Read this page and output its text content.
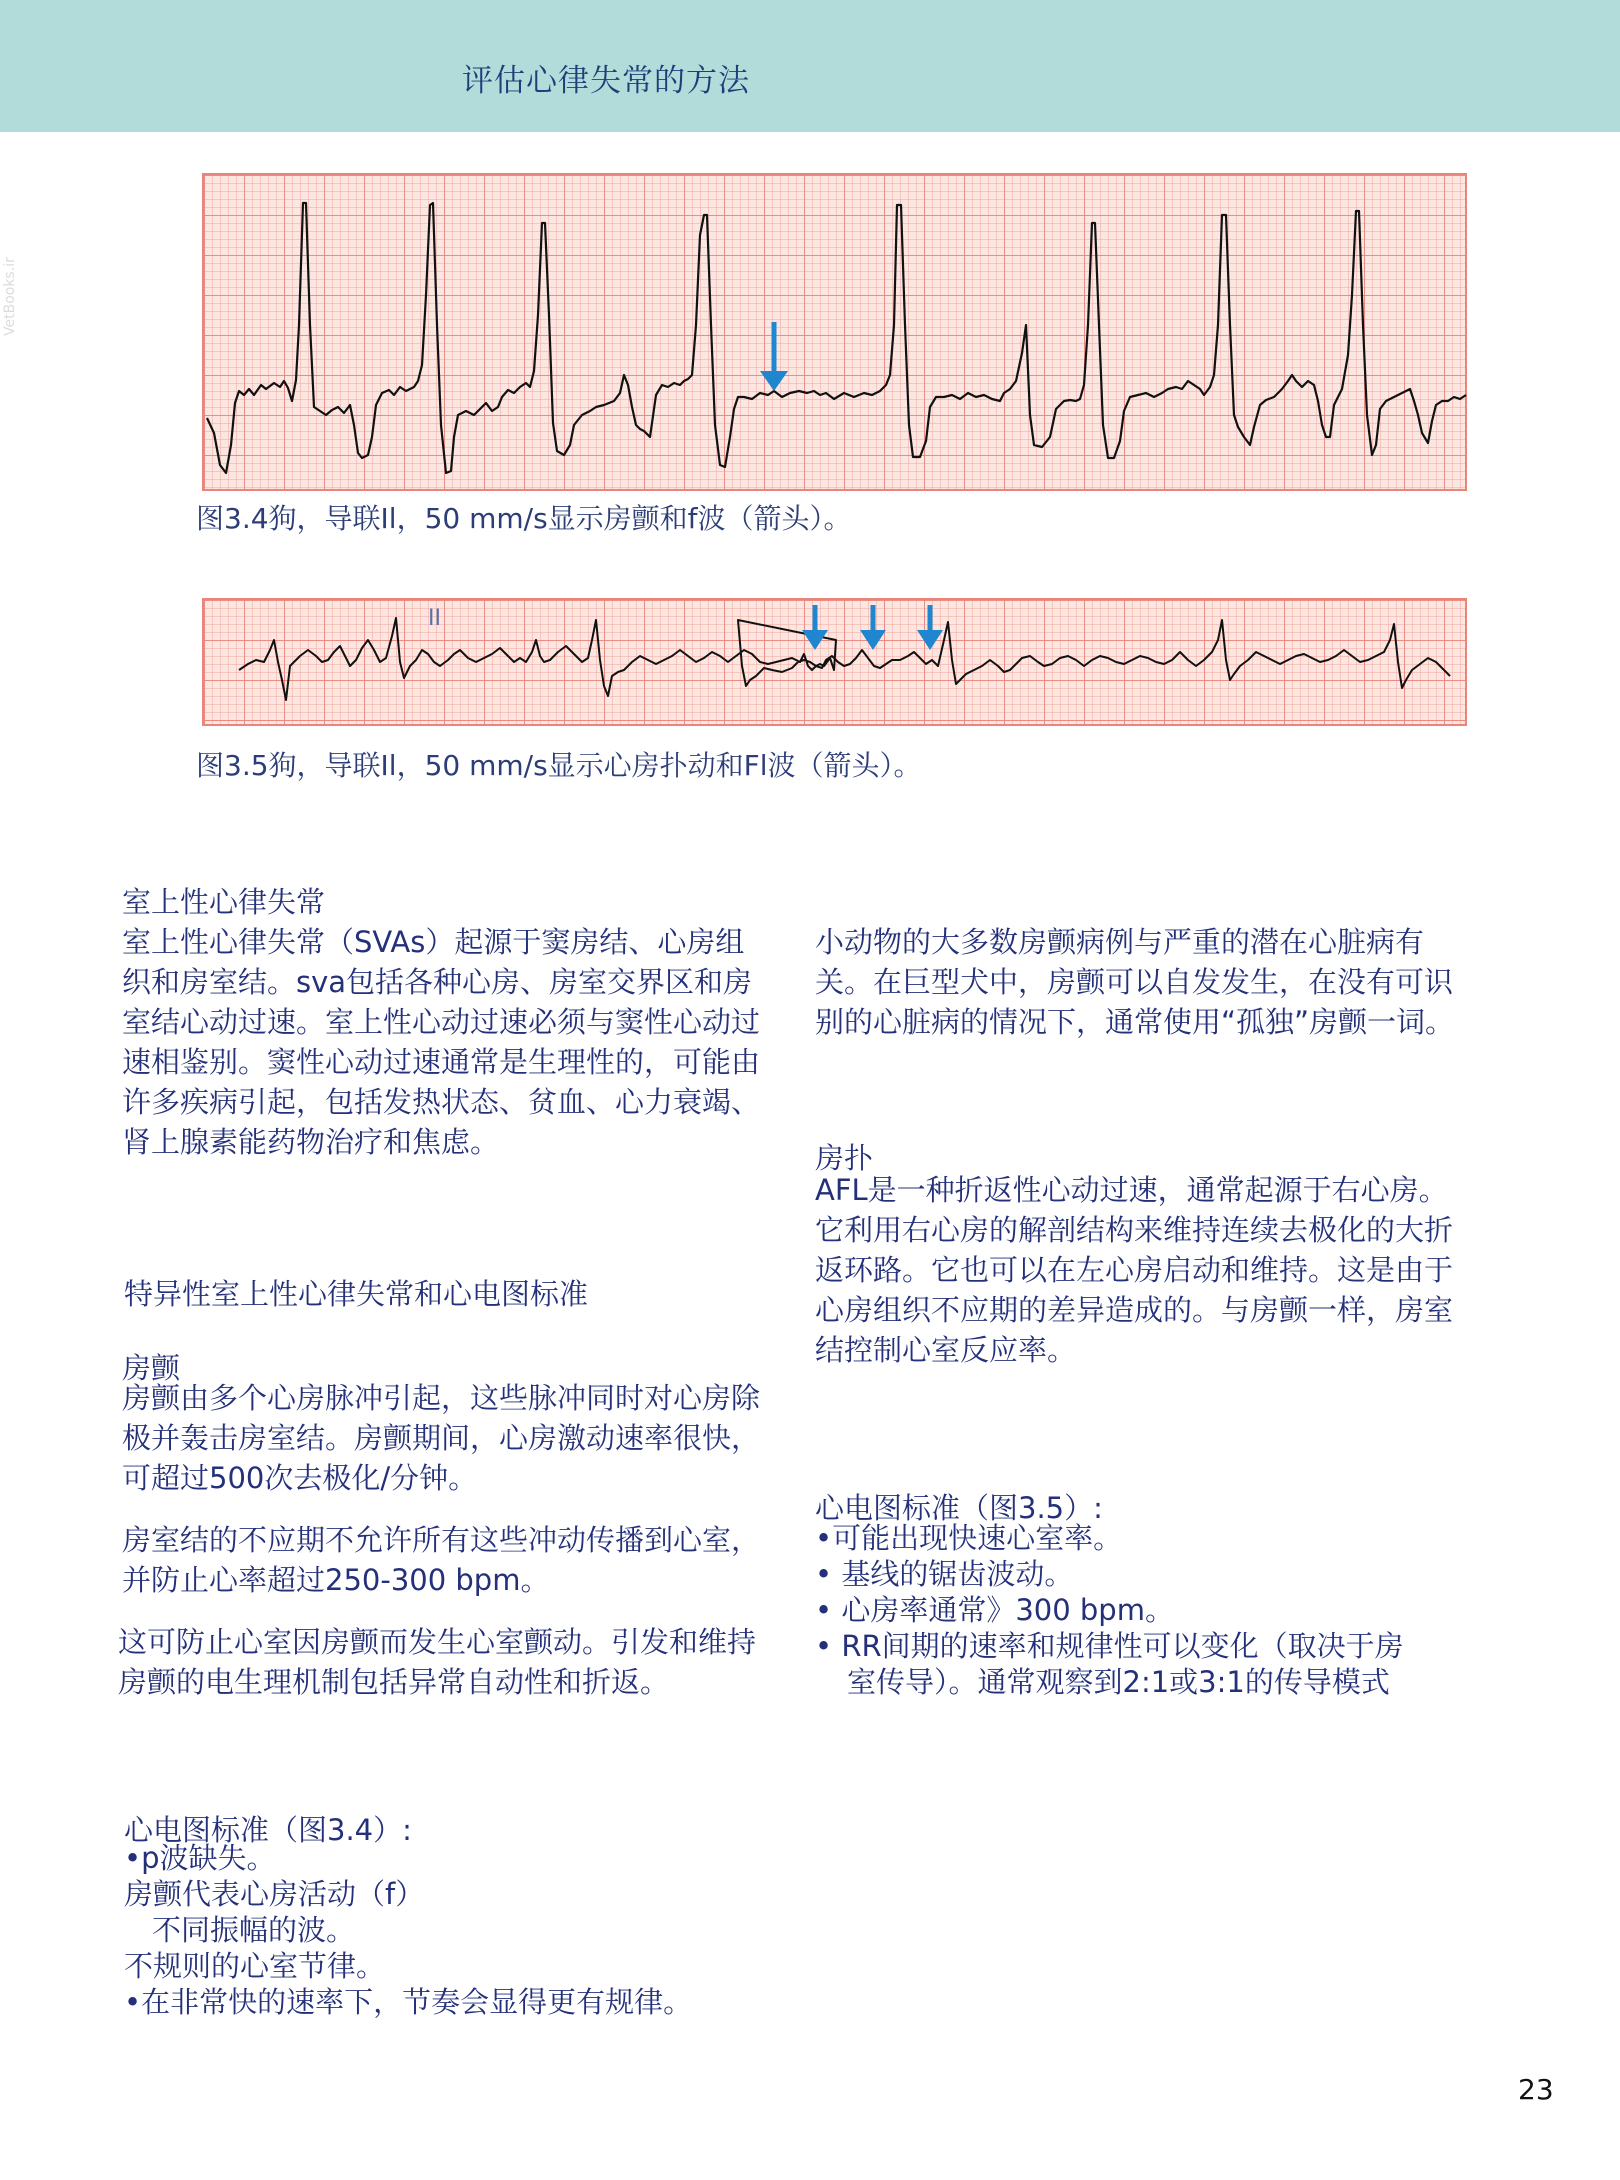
评估心律失常的方法
VetBooks.ir
图3.4狗，导联Il，50 mm/s显示房颤和f波（箭头）。
II
图3.5狗，导联Il，50 mm/s显示心房扑动和Fl波（箭头）。
室上性心律失常
室上性心律失常（SVAs）起源于窦房结、心房组织和房室结。sva包括各种心房、房室交界区和房室结心动过速。室上性心动过速必须与窦性心动过速相鉴别。窦性心动过速通常是生理性的，可能由许多疾病引起，包括发热状态、贫血、心力衰竭、肾上腺素能药物治疗和焦虑。
特异性室上性心律失常和心电图标准
房颤
房颤由多个心房脉冲引起，这些脉冲同时对心房除极并轰击房室结。房颤期间，心房激动速率很快，可超过500次去极化/分钟。
房室结的不应期不允许所有这些冲动传播到心室，并防止心率超过250-300 bpm。
这可防止心室因房颤而发生心室颤动。引发和维持房颤的电生理机制包括异常自动性和折返。
心电图标准（图3.4）:
•p波缺失。
房颤代表心房活动（f）
不同振幅的波。
不规则的心室节律。
•在非常快的速率下，节奏会显得更有规律。
小动物的大多数房颤病例与严重的潜在心脏病有关。在巨型犬中，房颤可以自发发生，在没有可识别的心脏病的情况下，通常使用“孤独”房颤一词。
房扑
AFL是一种折返性心动过速，通常起源于右心房。它利用右心房的解剖结构来维持连续去极化的大折返环路。它也可以在左心房启动和维持。这是由于心房组织不应期的差异造成的。与房颤一样，房室结控制心室反应率。
心电图标准（图3.5）:
•可能出现快速心室率。
• 基线的锯齿波动。
• 心房率通常》300 bpm。
• RR间期的速率和规律性可以变化（取决于房
室传导）。通常观察到2:1或3:1的传导模式
23
